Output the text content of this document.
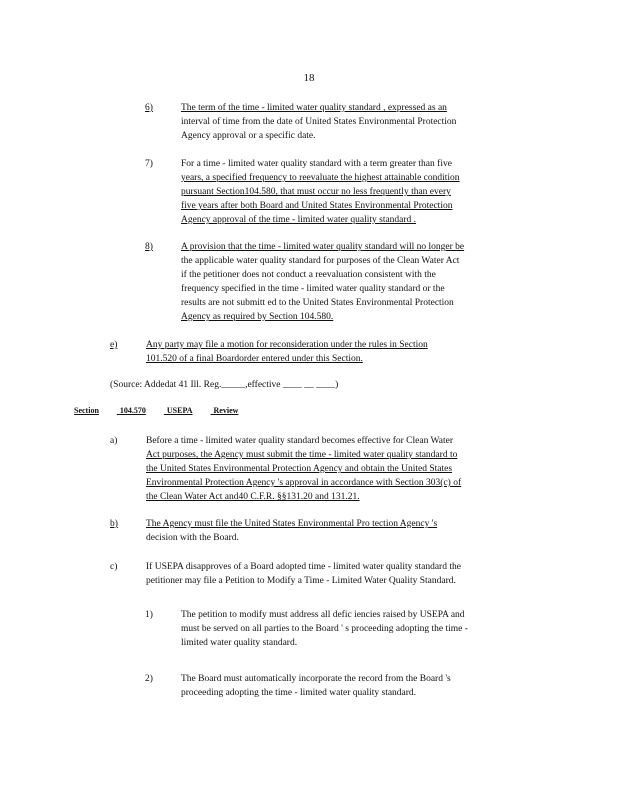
18
6)	The term of the time - limited water quality standard , expressed as an
interval of time from the date of United States Environmental Protection
Agency approval or a specific date.
7)	For a time - limited water quality standard with a term greater than five
years, a specified frequency to reevaluate the highest attainable condition
pursuant Section104.580, that must occur no less frequently than every
five years after both Board and United States Environmental Protection
Agency approval of the time - limited water quality standard .
8)	A provision that the time - limited water quality standard will no longer be
the applicable water quality standard for purposes of the Clean Water Act
if the petitioner does not conduct a reevaluation consistent with the
frequency specified in the time - limited water quality standard or the
results are not submitt ed to the United States Environmental Protection
Agency as required by Section 104.580.
e)	Any party may file a motion for reconsideration under the rules in Section
101.520 of a final Boardorder entered under this Section.
(Source: Addedat 41 Ill. Reg._____,effective ____ __ ____)
Section	104.570	USEPA	Review
a)	Before a time - limited water quality standard becomes effective for Clean Water
Act purposes, the Agency must submit the time - limited water quality standard to
the United States Environmental Protection Agency and obtain the United States
Environmental Protection Agency 's approval in accordance with Section 303(c) of
the Clean Water Act and40 C.F.R. §§131.20 and 131.21.
b)	The Agency must file the United States Environmental Pro tection Agency 's
decision with the Board.
c)	If USEPA disapproves of a Board adopted time - limited water quality standard the
petitioner may file a Petition to Modify a Time - Limited Water Quality Standard.
1)	The petition to modify must address all defic iencies raised by USEPA and
must be served on all parties to the Board ' s proceeding adopting the time -
limited water quality standard.
2)	The Board must automatically incorporate the record from the Board 's
proceeding adopting the time - limited water quality standard.
